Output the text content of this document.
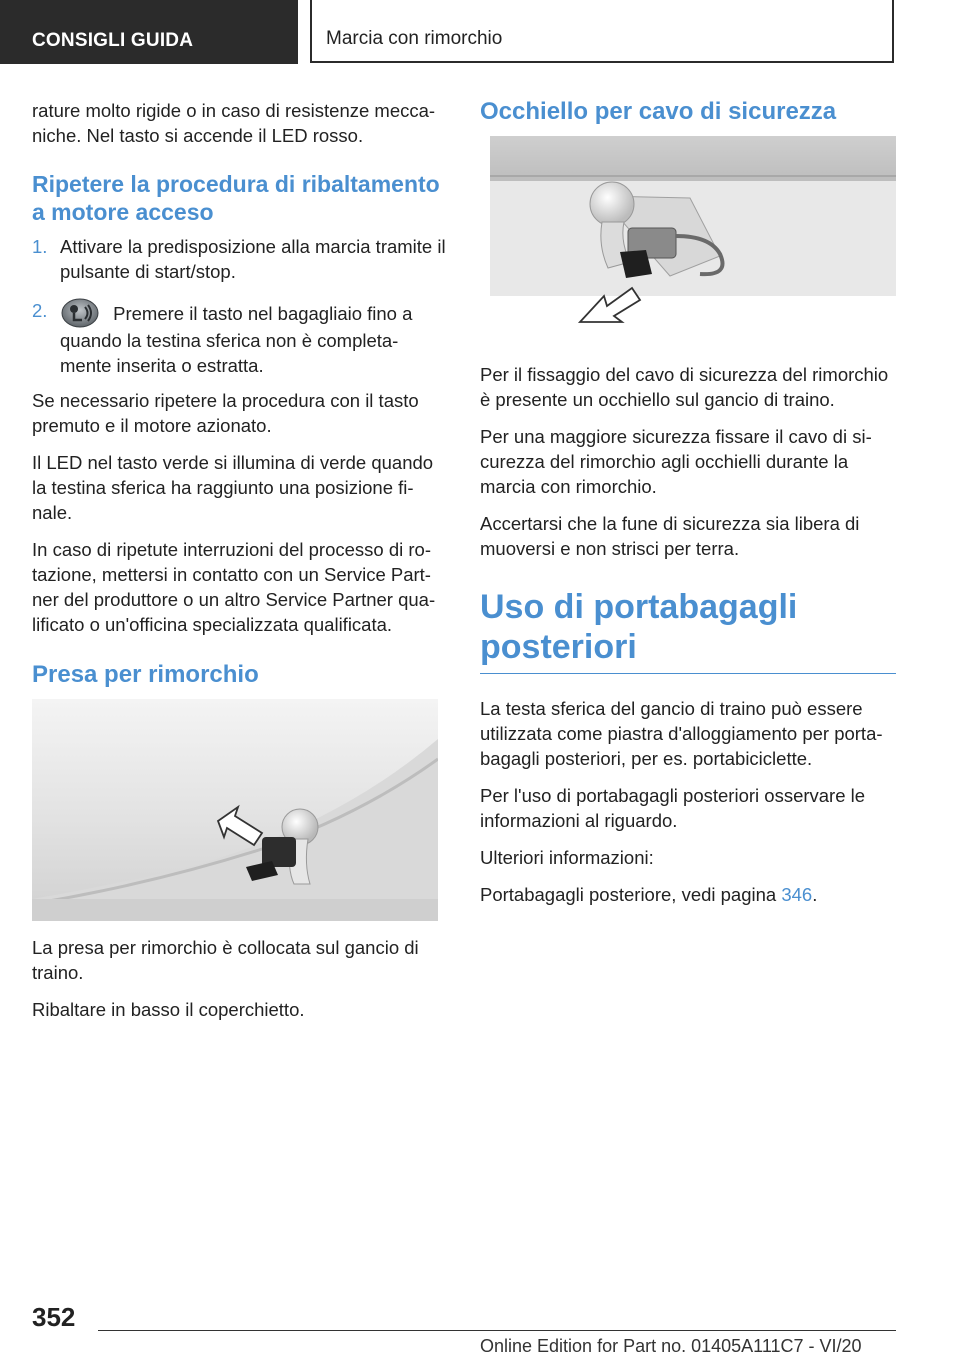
CONSIGLI GUIDA	Marcia con rimorchio

rature molto rigide o in caso di resistenze mecca-niche. Nel tasto si accende il LED rosso.

Ripetere la procedura di ribaltamento a motore acceso
1. Attivare la predisposizione alla marcia tramite il pulsante di start/stop.
2.	Premere il tasto nel bagagliaio fino a quando la testina sferica non è completa-mente inserita o estratta.

Se necessario ripetere la procedura con il tasto premuto e il motore azionato.

Il LED nel tasto verde si illumina di verde quando la testina sferica ha raggiunto una posizione fi-nale.

In caso di ripetute interruzioni del processo di ro-tazione, mettersi in contatto con un Service Part-ner del produttore o un altro Service Partner qua-lificato o un'officina specializzata qualificata.

Presa per rimorchio

La presa per rimorchio è collocata sul gancio di traino.

Ribaltare in basso il coperchietto.

Occhiello per cavo di sicurezza

Per il fissaggio del cavo di sicurezza del rimorchio è presente un occhiello sul gancio di traino.

Per una maggiore sicurezza fissare il cavo di si-curezza del rimorchio agli occhielli durante la marcia con rimorchio.

Accertarsi che la fune di sicurezza sia libera di muoversi e non strisci per terra.

Uso di portabagagli posteriori

La testa sferica del gancio di traino può essere utilizzata come piastra d'alloggiamento per porta-bagagli posteriori, per es. portabiciclette.

Per l'uso di portabagagli posteriori osservare le informazioni al riguardo.

Ulteriori informazioni:

Portabagagli posteriore, vedi pagina 346.

352
Online Edition for Part no. 01405A111C7 - VI/20
